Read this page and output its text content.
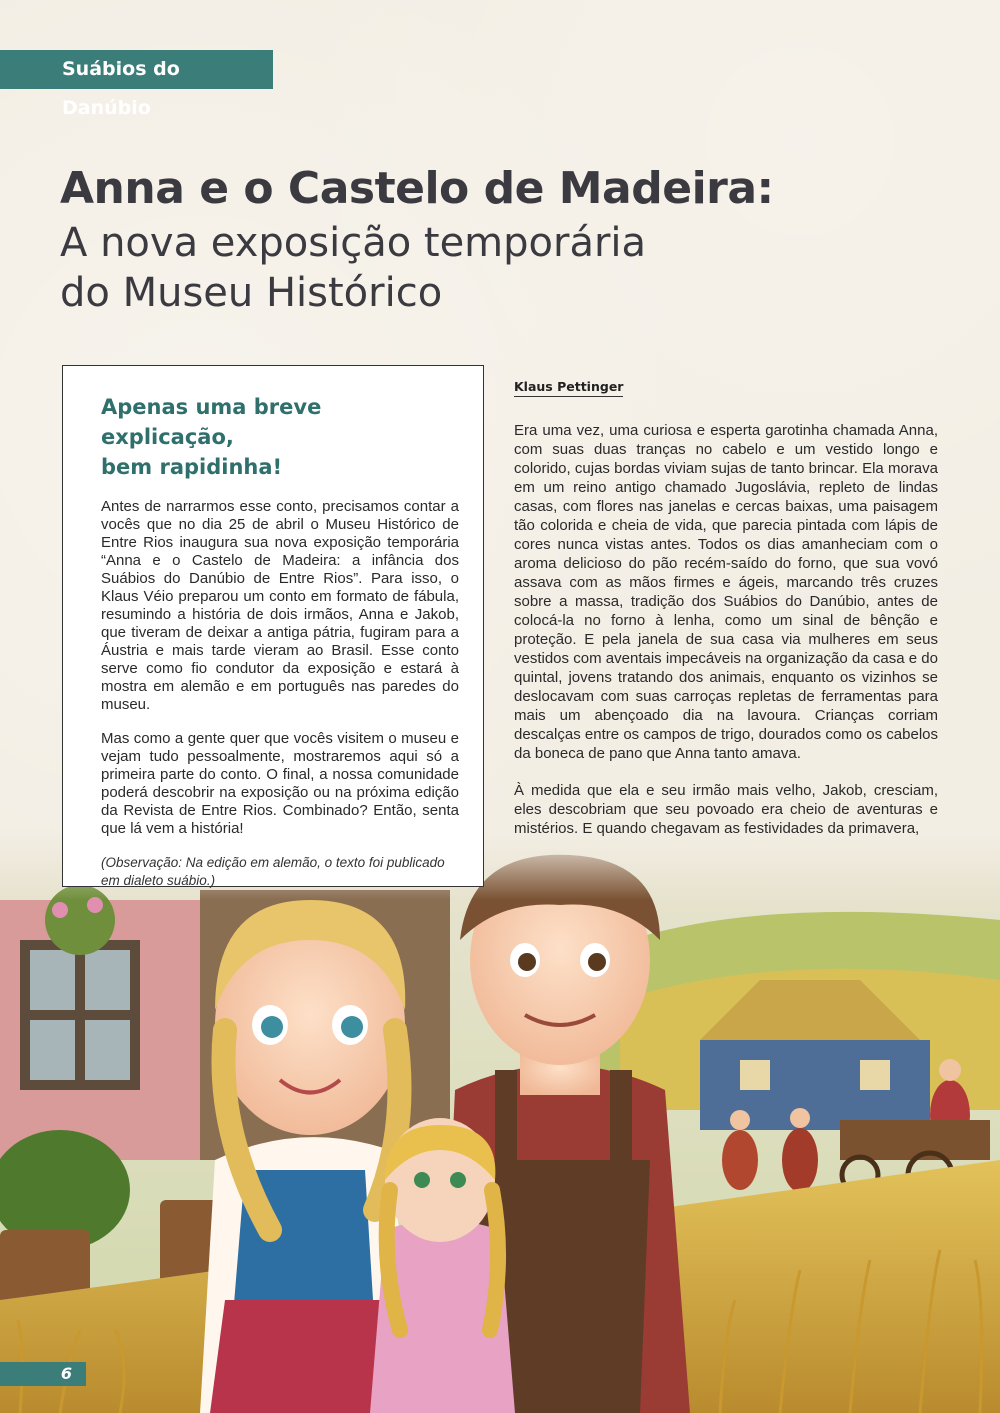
Suábios do Danúbio
Anna e o Castelo de Madeira:

A nova exposição temporária

do Museu Histórico

Apenas uma breve explicação,
bem rapidinha!

Antes de narrarmos esse conto, precisamos contar a vocês que no dia 25 de abril o Museu Histórico de Entre Rios inaugura sua nova exposição temporária “Anna e o Castelo de Madeira: a infância dos Suábios do Danúbio de Entre Rios”. Para isso, o Klaus Véio preparou um conto em formato de fábula, resumindo a história de dois irmãos, Anna e Jakob, que tiveram de deixar a antiga pátria, fugiram para a Áustria e mais tarde vieram ao Brasil. Esse conto serve como fio condutor da exposição e estará à mostra em alemão e em português nas paredes do museu.

Mas como a gente quer que vocês visitem o museu e vejam tudo pessoalmente, mostraremos aqui só a primeira parte do conto. O final, a nossa comunidade poderá descobrir na exposição ou na próxima edição da Revista de Entre Rios. Combinado? Então, senta que lá vem a história!

(Observação: Na edição em alemão, o texto foi publicado em dialeto suábio.)

Klaus Pettinger

Era uma vez, uma curiosa e esperta garotinha chamada Anna, com suas duas tranças no cabelo e um vestido longo e colorido, cujas bordas viviam sujas de tanto brincar. Ela morava em um reino antigo chamado Jugoslávia, repleto de lindas casas, com flores nas janelas e cercas baixas, uma paisagem tão colorida e cheia de vida, que parecia pintada com lápis de cores nunca vistas antes. Todos os dias amanheciam com o aroma delicioso do pão recém-saído do forno, que sua vovó assava com as mãos firmes e ágeis, marcando três cruzes sobre a massa, tradição dos Suábios do Danúbio, antes de colocá-la no forno à lenha, como um sinal de bênção e proteção. E pela janela de sua casa via mulheres em seus vestidos com aventais impecáveis na organização da casa e do quintal, jovens tratando dos animais, enquanto os vizinhos se deslocavam com suas carroças repletas de ferramentas para mais um abençoado dia na lavoura. Crianças corriam descalças entre os campos de trigo, dourados como os cabelos da boneca de pano que Anna tanto amava.

À medida que ela e seu irmão mais velho, Jakob, cresciam, eles descobriam que seu povoado era cheio de aventuras e mistérios. E quando chegavam as festividades da primavera,

6
